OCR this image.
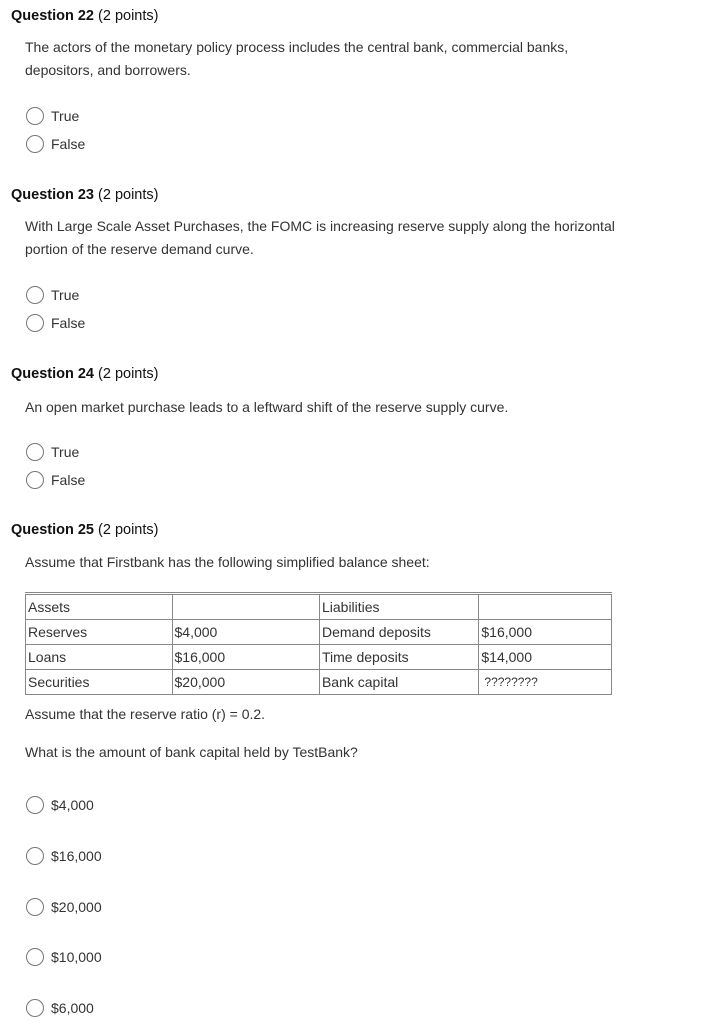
Question 22 (2 points)
The actors of the monetary policy process includes the central bank, commercial banks, depositors, and borrowers.
True
False
Question 23 (2 points)
With Large Scale Asset Purchases, the FOMC is increasing reserve supply along the horizontal portion of the reserve demand curve.
True
False
Question 24 (2 points)
An open market purchase leads to a leftward shift of the reserve supply curve.
True
False
Question 25 (2 points)
Assume that Firstbank has the following simplified balance sheet:
Assets		Liabilities	
Reserves	$4,000	Demand deposits	$16,000
Loans	$16,000	Time deposits	$14,000
Securities	$20,000	Bank capital	????????
Assume that the reserve ratio (r) = 0.2.
What is the amount of bank capital held by TestBank?
$4,000
$16,000
$20,000
$10,000
$6,000
